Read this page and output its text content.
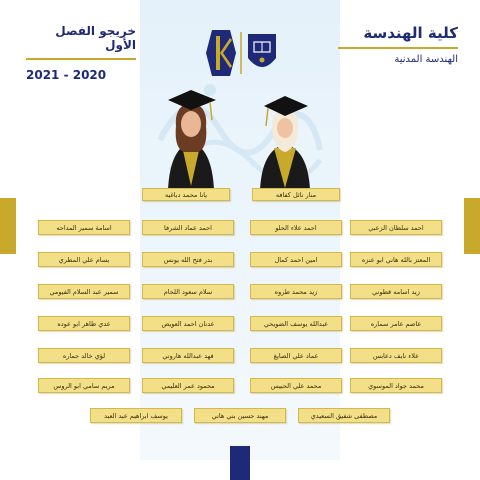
كلية الهندسة
الهندسة المدنية
خريجو الفصل الأول
2021 - 2020
منار نائل كفافه
يانا محمد دباغيه
احمد سلطان الزعبي
احمد علاء الحلو
احمد عماد الشرفا
اسامة سمير المداحه
المعتز بالله هاني ابو عنزه
امين احمد كمال
بدر فتح الله يونس
بسام علي المطري
زيد اسامه قطوني
زيد محمد طروه
سلام سعود اللحام
سمير عبد السلام الفيومي
عاصم عامر سماره
عبدالله يوسف الضويحي
عدنان احمد العويص
عدي ظاهر ابو عوده
علاء نايف دعابس
عماد علي الصايغ
فهد عبدالله هاروني
لؤي خالد جماره
محمد جواد الموسوي
محمد علي الحبيس
محمود عمر العليمي
مريم سامي ابو الروس
مصطفى شفيق السعيدي
مهند حسين بني هاني
يوسف ابراهيم عبد العبد
285
